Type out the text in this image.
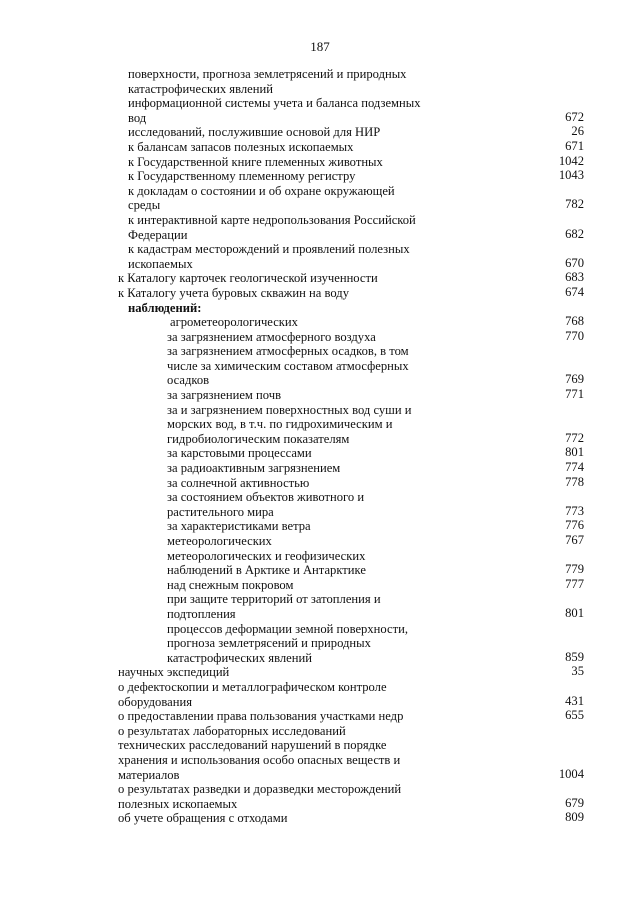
187
поверхности, прогноза землетрясений и природных
катастрофических явлений
информационной системы учета и баланса подземных
вод	672
исследований, послужившие основой для НИР	26
к балансам запасов полезных ископаемых	671
к Государственной книге племенных животных	1042
к Государственному племенному регистру	1043
к докладам о состоянии и об охране окружающей
среды	782
к интерактивной карте недропользования Российской
Федерации	682
к кадастрам месторождений и проявлений полезных
ископаемых	670
к Каталогу карточек геологической изученности	683
к Каталогу учета буровых скважин на воду	674
наблюдений:
агрометеорологических	768
за загрязнением атмосферного воздуха	770
за загрязнением атмосферных осадков, в том
числе за химическим составом атмосферных
осадков	769
за загрязнением почв	771
за и загрязнением поверхностных вод суши и
морских вод, в т.ч. по гидрохимическим и
гидробиологическим показателям	772
за карстовыми процессами	801
за радиоактивным загрязнением	774
за солнечной активностью	778
за состоянием объектов животного и
растительного мира	773
за характеристиками ветра	776
метеорологических	767
метеорологических и геофизических
наблюдений в Арктике и Антарктике	779
над снежным покровом	777
при защите территорий от затопления и
подтопления	801
процессов деформации земной поверхности,
прогноза землетрясений и природных
катастрофических явлений	859
научных экспедиций	35
о дефектоскопии и металлографическом контроле
оборудования	431
о предоставлении права пользования участками недр	655
о результатах лабораторных исследований
технических расследований нарушений в порядке
хранения и использования особо опасных веществ и
материалов	1004
о результатах разведки и доразведки месторождений
полезных ископаемых	679
об учете обращения с отходами	809
